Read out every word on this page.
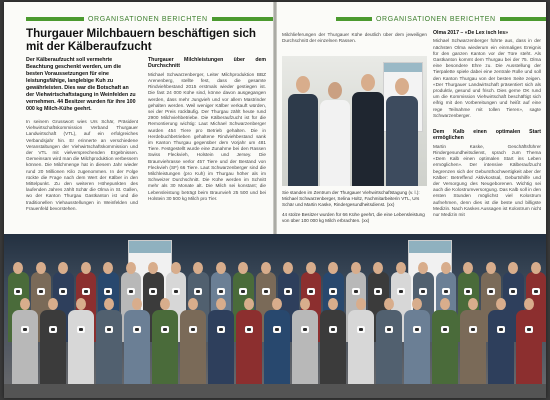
ORGANISATIONEN BERICHTEN
Thurgauer Milchbauern beschäftigen sich mit der Kälberaufzucht
Der Kälberaufzucht soll vermehrte Beachtung geschenkt werden, um die besten Voraussetzungen für eine leistungsfähige, langlebige Kuh zu gewährleisten. Dies war die Botschaft an der Viehwirtschaftstagung in Weinfelden zu vernehmen. 44 Besitzer wurden für ihre 100 000 kg Milch-Kühe geehrt.
In seinem Grusswort wies Urs Schär, Präsident Viehwirtschaftskommission Verband Thurgauer Landwirtschaft (VTL), auf ein erfolgreiches Verbandsjahr hin. Er erinnerte an verschiedene Veranstaltungen der Viehwirtschaftskommission und der VTL mit vielversprechenden Ergebnissen. Gemeinsam wird man die Milchproduktion verbessern können. Die Milchmenge hat in diesem Jahr wieder rund 20 Millionen Kilo zugenommen. In der Folge rückte die Frage nach dem Wert der Kälber in den Mittelpunkt. Zu den weiteren Höhepunkten des laufenden Jahres zählt Schär die Olma in St. Gallen, wo der Kanton Thurgau Gastkanton ist und die traditionellen Viehausstellungen in Weinfelden und Frauenfeld bevorstehen.
Thurgauer Milchleistungen über dem Durchschnitt
Michael Schwarzenberger, Leiter Milchproduktion BBZ Arenenberg, stellte fest, dass die gesamte Rindviehbestand 2015 erstmals wieder gestiegen ist. Die fast 24 000 Kühe sind, könne davon ausgegangen werden, dass mehr Jungvieh und vor allem Mastrinder gehalten werden. Weil weniger Kälber verkauft würden, sei der Preis rückläufig. Der Thurgau zählt heute rund 2900 Milchviehbetriebe. Die Kälberaufzucht ist für die Remontierung wichtig: Laut Michael Schwarzenberger wurden 454 Tiere pro Betrieb gehalten. Die in Herdebuchbetrieben gehaltene Rindviehbestand sank im Kanton Thurgau gegenüber dem Vorjahr um 481 Tiere. Festgestellt wurde eine Zunahme bei den Rassen Swiss Fleckvieh, Holstein und Jersey. Die Braunviehrasse verlor 457 Tiere und der Bestand von Fleckvieh (SF) 66 Tiere. Laut Schwarzenberger sind die Milchleistungen (pro Kuh) im Thurgau höher als im Schweizer Durchschnitt. Die Kühe werden im Schnitt mehr als 30 Monate alt. Die Milch sei konstant; die Lebensleistung beträgt beim Braunvieh 25 500 und bei Holstein 30 500 kg Milch pro Tier.
Milchlieferungen der Thurgauer Kühe deutlich über dem jeweiligen Durchschnitt der einzelnen Rassen.
ORGANISATIONEN BERICHTEN
Sie standen im Zentrum der Thurgauer Viehwirtschaftstagung (v. l.): Michael Schwarzenberger, Selina Holtz, Fachmitarbeiterin VTL, Urs Schär und Martin Kaske, Rindergesundheitsdienst. (xx)
44 stolze Besitzer wurden für 66 Kühe geehrt, die eine Lebensleistung von über 100 000 kg Milch erbrachten. (xx)
Olma 2017 – «De Lex isch les»
Michael Schwarzenberger führte aus, dass in der nächsten Olma wiederum ein einmaliges Ereignis für den ganzen Kanton vor der Türe steht. Als Gastkanton kommt dem Thurgau bei der 75. Olma eine besondere Ehre zu. Die Ausstellung der Tierpalette spiele dabei eine zentrale Rolle und soll den Kanton Thurgau von der besten Seite zeigen. «Der Thurgauer Landwirtschaft präsentiert sich als produktiv, gesund und frisch. Dies gerne OK rund um die Kommission Viehwirtschaft beschäftigt sich eifrig mit den Vorbereitungen und heißt auf eine rege Teilnahme mit tollen Tieren», sagte Schwarzenberger.
Dem Kalb einen optimalen Start ermöglichen
Martin Kaske, Geschäftsführer Rindergesundheitsdienst, sprach zum Thema «Dem Kalb einen optimalen Start ins Leben ermöglichen». Der intensive Kälberaufzucht begrenzen sich der Gebursthochwertigkeit aber der Kälber: Betreffend Aktivkostsal, Geburtshilfe und der Versorgung des Neugeborenen. Wichtig sei auch die Kolostrumversorgung. Das Kalb soll in den ersten Stunden möglichst viel Kolostrum aufnehmen, denn dies ist die beste und billigste Medizin. Nach Kaskes Aussagen ist Kolostrum nicht nur Medizin mit
